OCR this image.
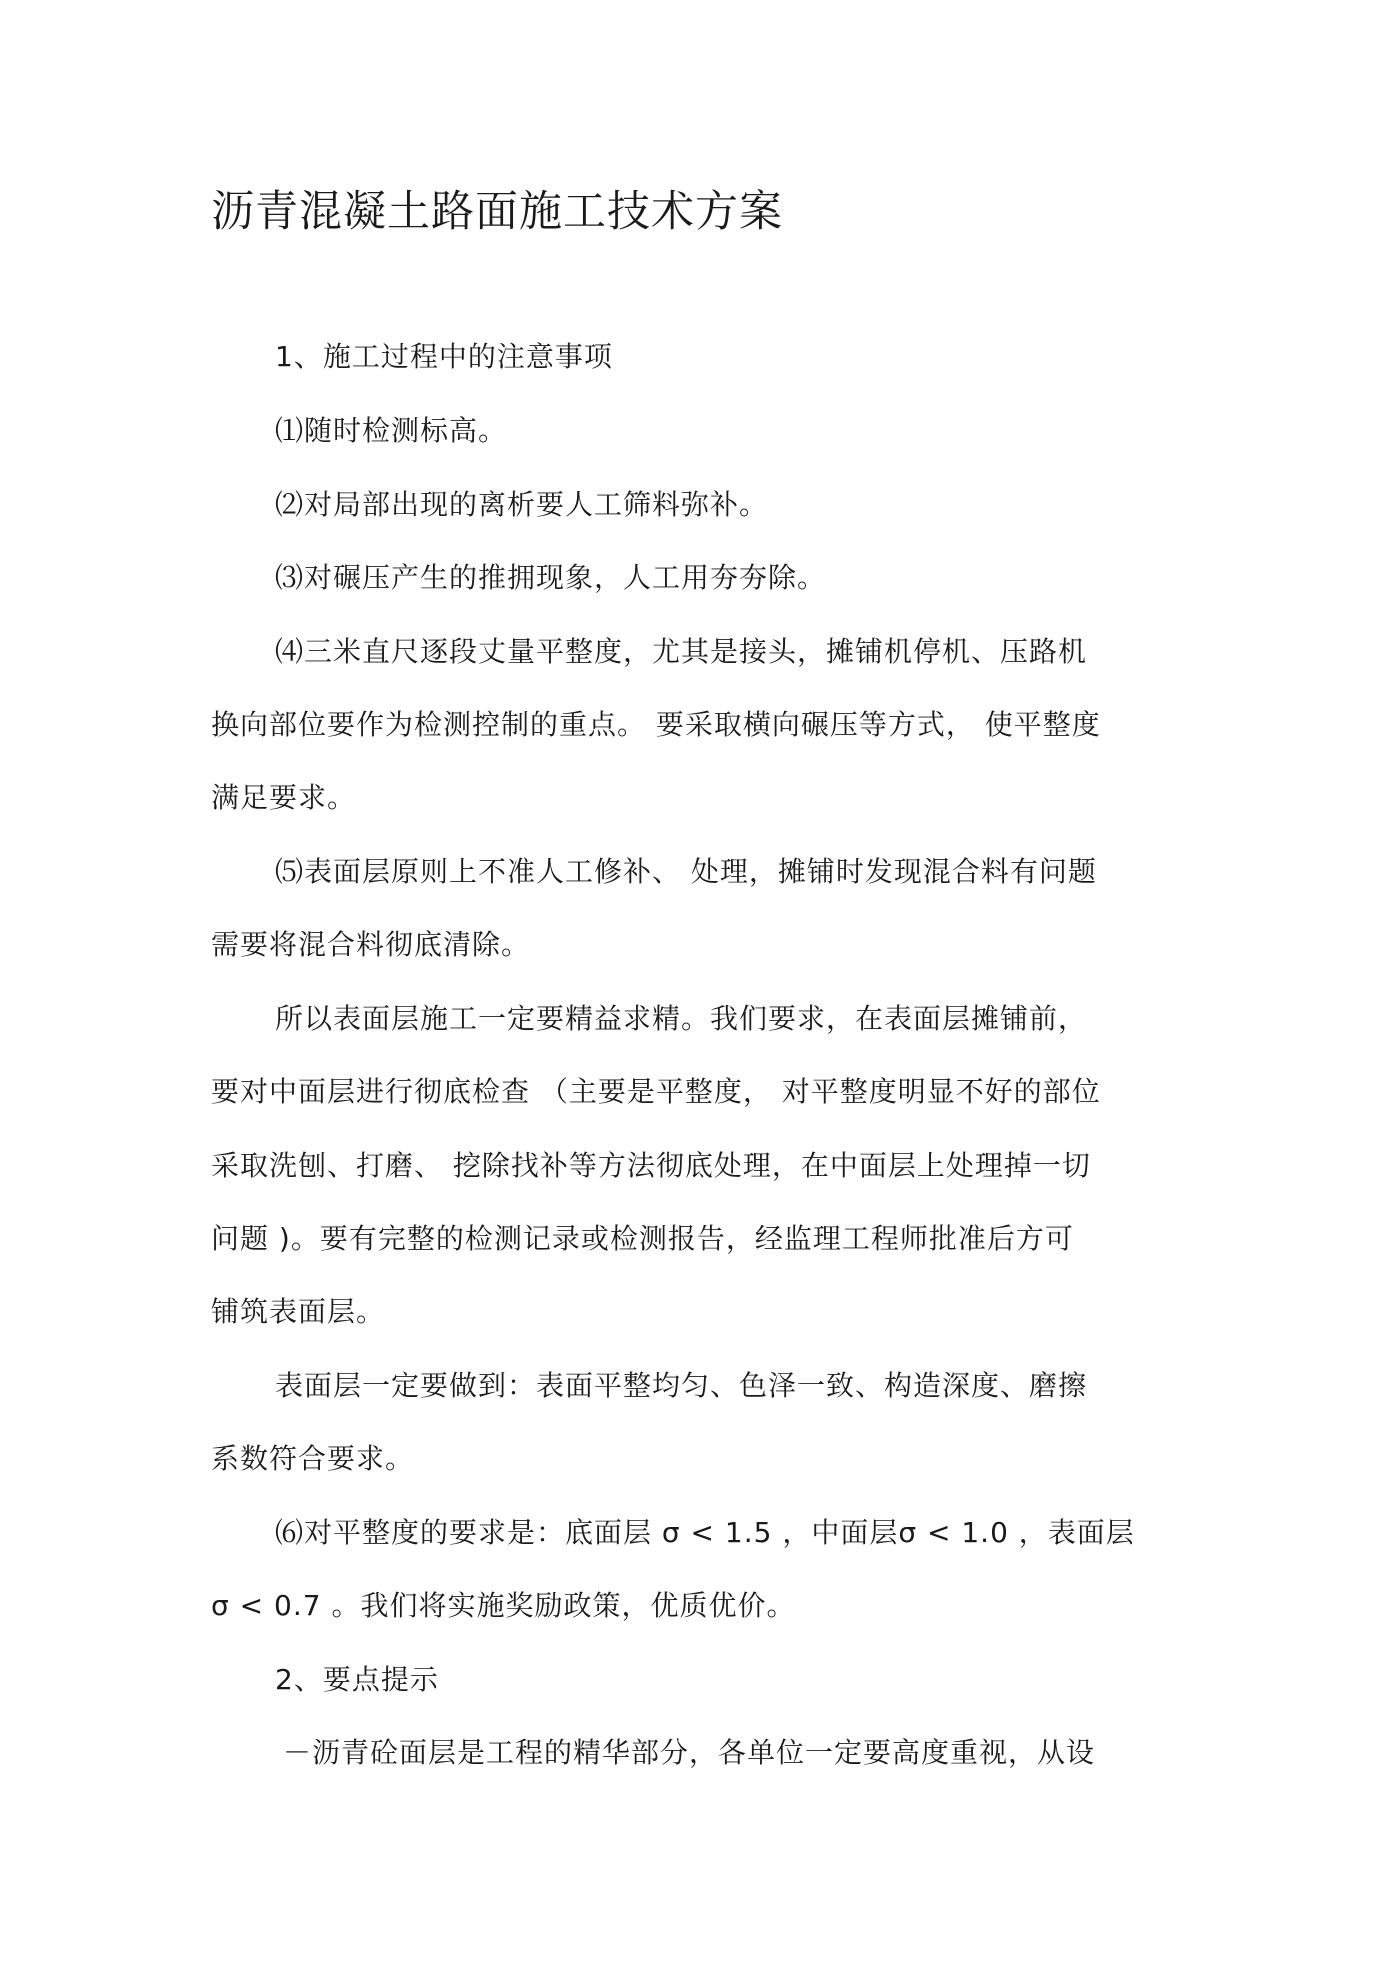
沥青混凝土路面施工技术方案

1、施工过程中的注意事项

⑴随时检测标高。

⑵对局部出现的离析要人工筛料弥补。

⑶对碾压产生的推拥现象，人工用夯夯除。

⑷三米直尺逐段丈量平整度，尤其是接头，摊铺机停机、压路机

换向部位要作为检测控制的重点。 要采取横向碾压等方式， 使平整度

满足要求。

⑸表面层原则上不准人工修补、 处理，摊铺时发现混合料有问题

需要将混合料彻底清除。

所以表面层施工一定要精益求精。我们要求，在表面层摊铺前，

要对中面层进行彻底检查 （主要是平整度， 对平整度明显不好的部位

采取洗刨、打磨、 挖除找补等方法彻底处理，在中面层上处理掉一切

问题 )。要有完整的检测记录或检测报告，经监理工程师批准后方可

铺筑表面层。

表面层一定要做到：表面平整均匀、色泽一致、构造深度、磨擦

系数符合要求。

⑹对平整度的要求是：底面层 σ < 1.5 ，中面层σ < 1.0 ，表面层

σ < 0.7 。我们将实施奖励政策，优质优价。

2、要点提示

－沥青砼面层是工程的精华部分，各单位一定要高度重视，从设
